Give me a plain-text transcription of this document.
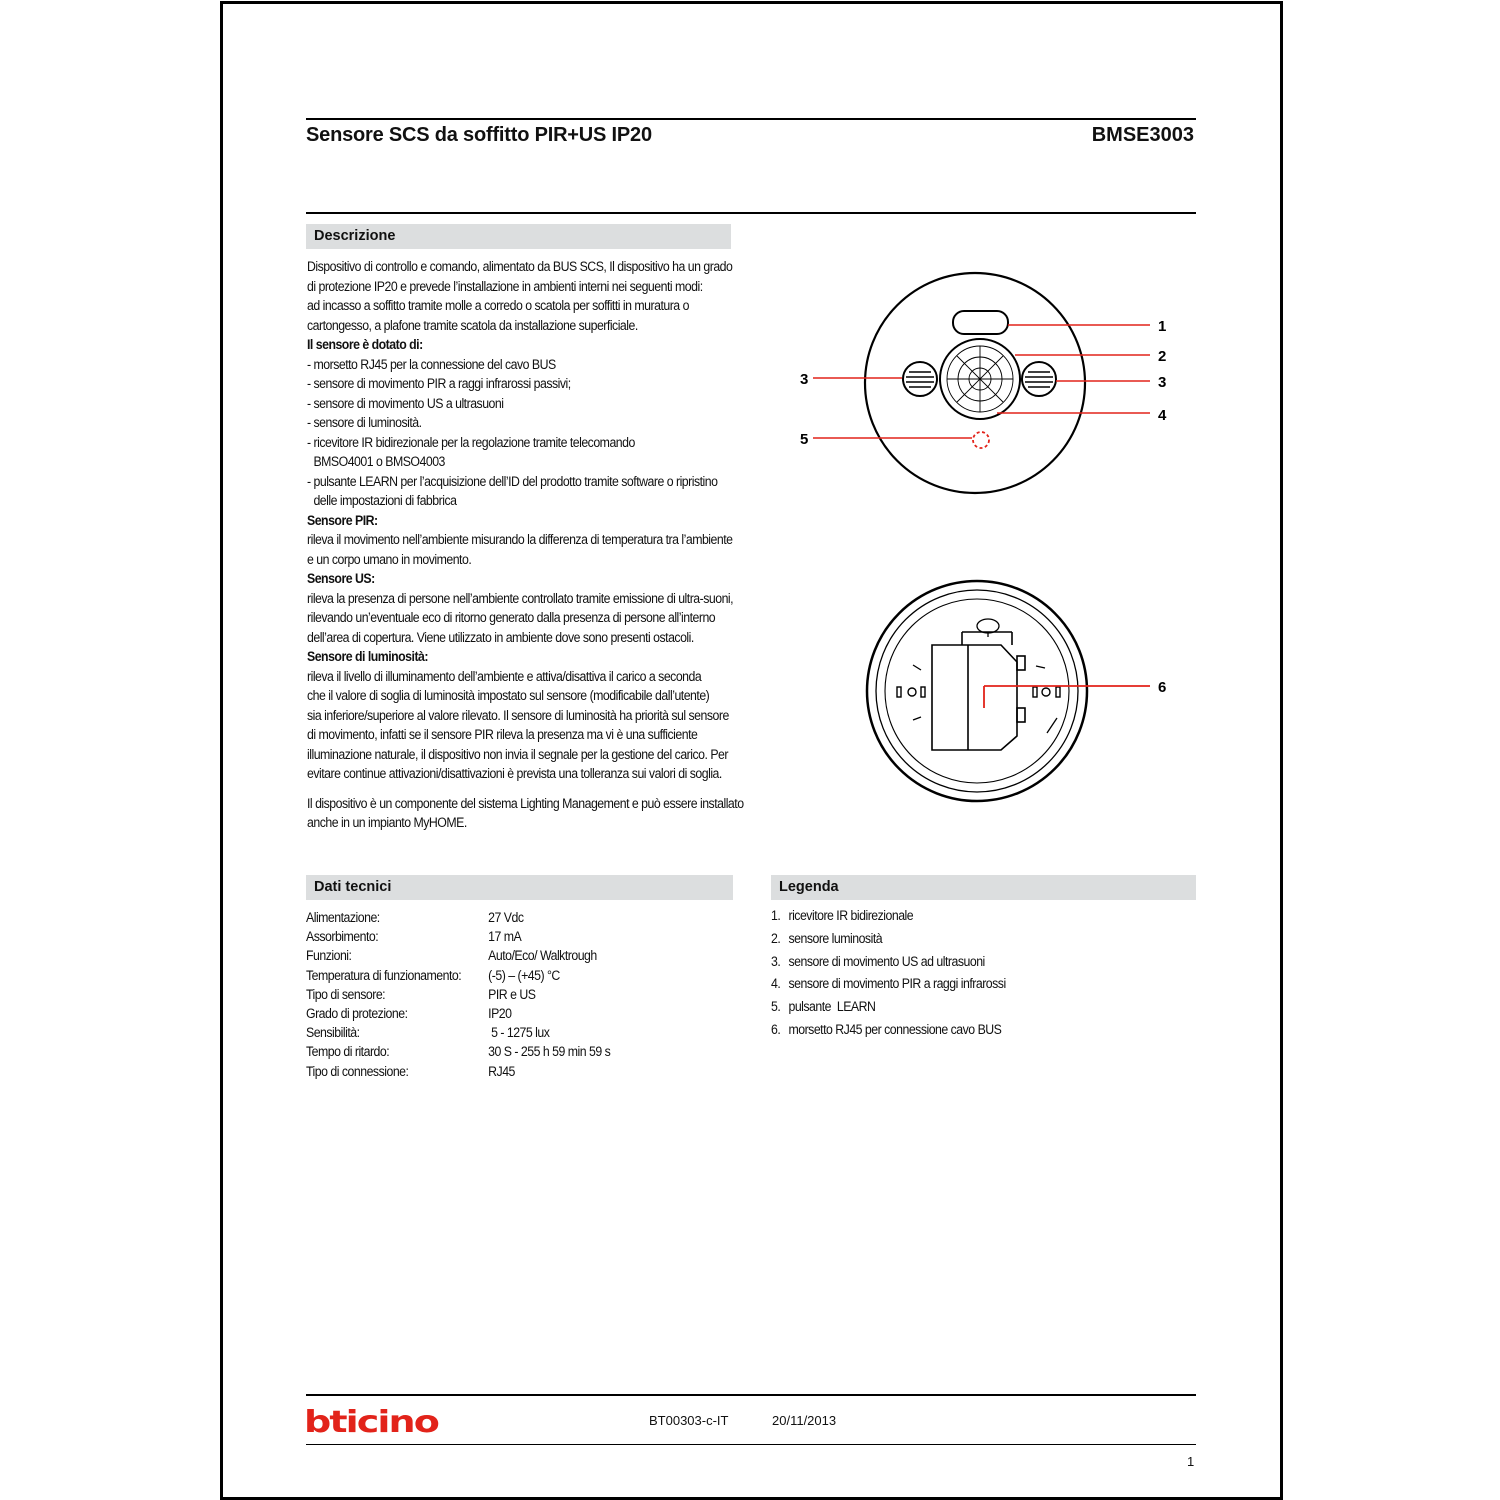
Sensore SCS da soffitto PIR+US IP20	BMSE3003
Descrizione

Dispositivo di controllo e comando, alimentato da BUS SCS, Il dispositivo ha un grado

di protezione IP20 e prevede l’installazione in ambienti interni nei seguenti modi:

ad incasso a soffitto tramite molle a corredo o scatola per soffitti in muratura o

cartongesso, a plafone tramite scatola da installazione superficiale.

Il sensore è dotato di:

- morsetto RJ45 per la connessione del cavo BUS

- sensore di movimento PIR a raggi infrarossi passivi;

- sensore di movimento US a ultrasuoni

- sensore di luminosità.

- ricevitore IR bidirezionale per la regolazione tramite telecomando

BMSO4001 o BMSO4003

- pulsante LEARN per l’acquisizione dell’ID del prodotto tramite software o ripristino

delle impostazioni di fabbrica

Sensore PIR:

rileva il movimento nell’ambiente misurando la differenza di temperatura tra l’ambiente

e un corpo umano in movimento.

Sensore US:

rileva la presenza di persone nell’ambiente controllato tramite emissione di ultra-suoni,

rilevando un’eventuale eco di ritorno generato dalla presenza di persone all’interno

dell’area di copertura. Viene utilizzato in ambiente dove sono presenti ostacoli.

Sensore di luminosità:

rileva il livello di illuminamento dell’ambiente e attiva/disattiva il carico a seconda

che il valore di soglia di luminosità impostato sul sensore (modificabile dall’utente)

sia inferiore/superiore al valore rilevato. Il sensore di luminosità ha priorità sul sensore

di movimento, infatti se il sensore PIR rileva la presenza ma vi è una sufficiente

illuminazione naturale, il dispositivo non invia il segnale per la gestione del carico. Per

evitare continue attivazioni/disattivazioni è prevista una tolleranza sui valori di soglia.

Il dispositivo è un componente del sistema Lighting Management e può essere installato

anche in un impianto MyHOME.

1
2
3
4
3
5
6
Dati tecnici
Alimentazione:	27 Vdc
Assorbimento:	17 mA
Funzioni:	Auto/Eco/ Walktrough
Temperatura di funzionamento: (-5) – (+45) °C
Tipo di sensore:	PIR e US
Grado di protezione:	IP20
Sensibilità:	5 - 1275 lux
Tempo di ritardo:	30 S - 255 h 59 min 59 s
Tipo di connessione:	RJ45
Legenda
1. ricevitore IR bidirezionale
2. sensore luminosità
3. sensore di movimento US ad ultrasuoni
4. sensore di movimento PIR a raggi infrarossi
5. pulsante  LEARN
6. morsetto RJ45 per connessione cavo BUS
bticino	BT00303-c-IT	20/11/2013
1
